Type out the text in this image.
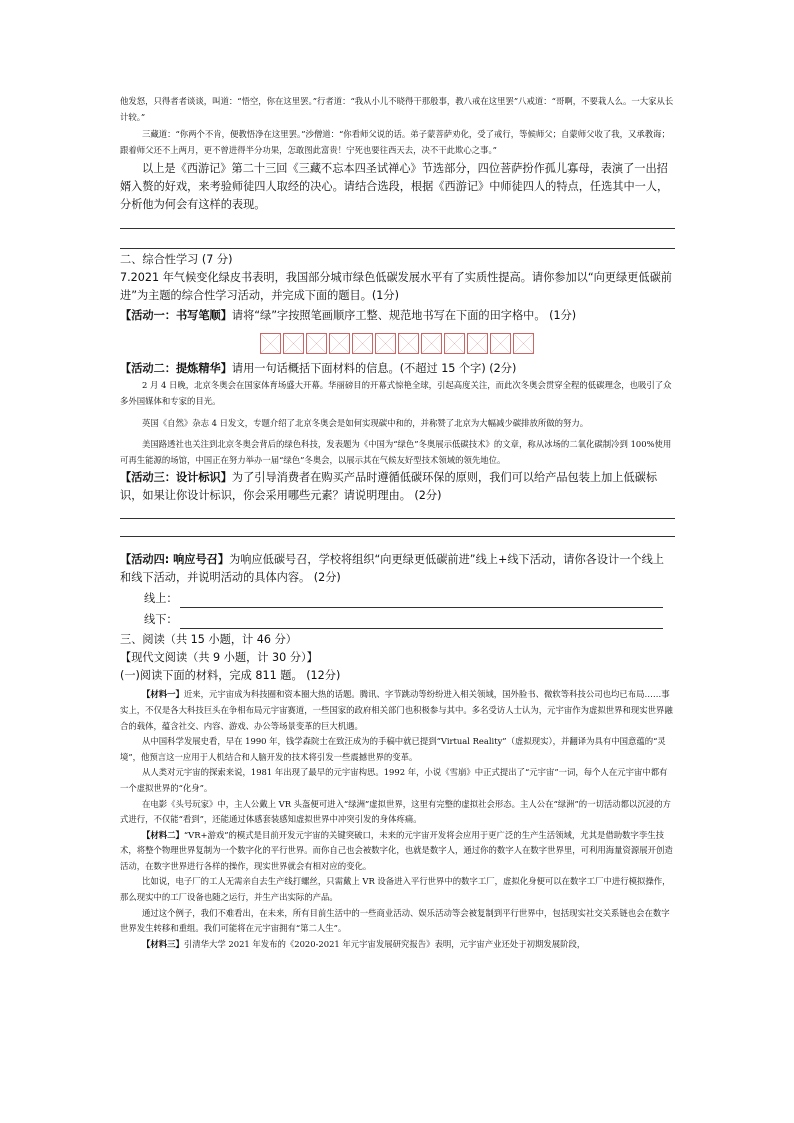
他发怒，只得者者谈谈，叫道：“悟空，你在这里罢。”行者道：“我从小儿不晓得干那般事，教八戒在这里罢”八戒道：“哥啊，不要栽人么。一大家从长计较。”

三藏道：“你两个不肯，便教悟净在这里罢。”沙僧道：“你看师父说的话。弟子蒙菩萨劝化，受了戒行，等候师父；自蒙师父收了我，又承教诲；跟着师父还不上两月，更不曾进得半分功果，怎敢图此富贵！宁死也要往西天去，决不干此欺心之事。”

以上是《西游记》第二十三回《三藏不忘本四圣试禅心》节选部分，四位菩萨扮作孤儿寡母，表演了一出招婿入赘的好戏，来考验师徒四人取经的决心。请结合选段，根据《西游记》中师徒四人的特点，任选其中一人，分析他为何会有这样的表现。

二、综合性学习 (7 分)

7.2021 年气候变化绿皮书表明，我国部分城市绿色低碳发展水平有了实质性提高。请你参加以“向更绿更低碳前进”为主题的综合性学习活动，并完成下面的题目。(1分)

【活动一：书写笔顺】请将“绿”字按照笔画顺序工整、规范地书写在下面的田字格中。 (1分)

【活动二：提炼精华】请用一句话概括下面材料的信息。(不超过 15 个字) (2分)

2 月 4 日晚，北京冬奥会在国家体育场盛大开幕。华丽磅目的开幕式惊艳全球，引起高度关注，而此次冬奥会贯穿全程的低碳理念，也吸引了众多外国媒体和专家的目光。

英国《自然》杂志 4 日发文，专题介绍了北京冬奥会是如何实现碳中和的，并称赞了北京为大幅减少碳排放所做的努力。

美国路透社也关注到北京冬奥会背后的绿色科技，发表题为《中国为“绿色”冬奥展示低碳技术》的文章，称从冰场的二氧化碳制冷到 100%使用可再生能源的场馆，中国正在努力举办一届“绿色”冬奥会，以展示其在气候友好型技术领域的领先地位。

【活动三：设计标识】为了引导消费者在购买产品时遵循低碳环保的原则，我们可以给产品包装上加上低碳标识，如果让你设计标识，你会采用哪些元素？请说明理由。 (2分)

【活动四: 响应号召】为响应低碳号召，学校将组织“向更绿更低碳前进”线上+线下活动，请你各设计一个线上和线下活动，并说明活动的具体内容。 (2分)

线上：
线下：

三、阅读（共 15 小题，计 46 分）

【现代文阅读（共 9 小题，计 30 分）】

(一)阅读下面的材料，完成 811 题。 (12分)

【材料一】近来，元宇宙成为科技圈和资本圈大热的话题。腾讯、字节跳动等纷纷进入相关领域，国外脸书、微软等科技公司也均已布局……事实上，不仅是各大科技巨头在争相布局元宇宙赛道，一些国家的政府相关部门也积极参与其中。多名受访人士认为，元宇宙作为虚拟世界和现实世界融合的载体，蕴含社交、内容、游戏、办公等场景变革的巨大机遇。

从中国科学发展史看，早在 1990 年，钱学森院士在致汪成为的手稿中就已提到“Virtual Reality”（虚拟现实），并翻译为具有中国意蕴的“灵境”，他预言这一应用于人机结合和人脑开发的技术将引发一些震撼世界的变革。

从人类对元宇宙的探索来说，1981 年出现了最早的元宇宙构思。1992 年，小说《雪崩》中正式提出了“元宇宙”一词，每个人在元宇宙中都有一个虚拟世界的“化身”。

在电影《头号玩家》中，主人公戴上 VR 头盔便可进入“绿洲”虚拟世界，这里有完整的虚拟社会形态。主人公在“绿洲”的一切活动都以沉浸的方式进行，不仅能“看到”，还能通过体感套装感知虚拟世界中冲突引发的身体疼痛。

【材料二】“VR+游戏”的模式是目前开发元宇宙的关键突破口，未来的元宇宙开发将会应用于更广泛的生产生活领域，尤其是借助数字孪生技术，将整个物理世界复制为一个数字化的平行世界。而你自己也会被数字化，也就是数字人，通过你的数字人在数字世界里，可利用海量资源展开创造活动，在数字世界进行各样的操作，现实世界就会有相对应的变化。

比如说，电子厂的工人无需亲自去生产线打螺丝，只需戴上 VR 设备进入平行世界中的数字工厂，虚拟化身便可以在数字工厂中进行模拟操作，那么现实中的工厂设备也随之运行，并生产出实际的产品。

通过这个例子，我们不难看出，在未来，所有目前生活中的一些商业活动、娱乐活动等会被复制到平行世界中，包括现实社交关系链也会在数字世界发生转移和重组。我们可能将在元宇宙拥有“第二人生”。

【材料三】引清华大学 2021 年发布的《2020-2021 年元宇宙发展研究报告》表明，元宇宙产业还处于初期发展阶段，
